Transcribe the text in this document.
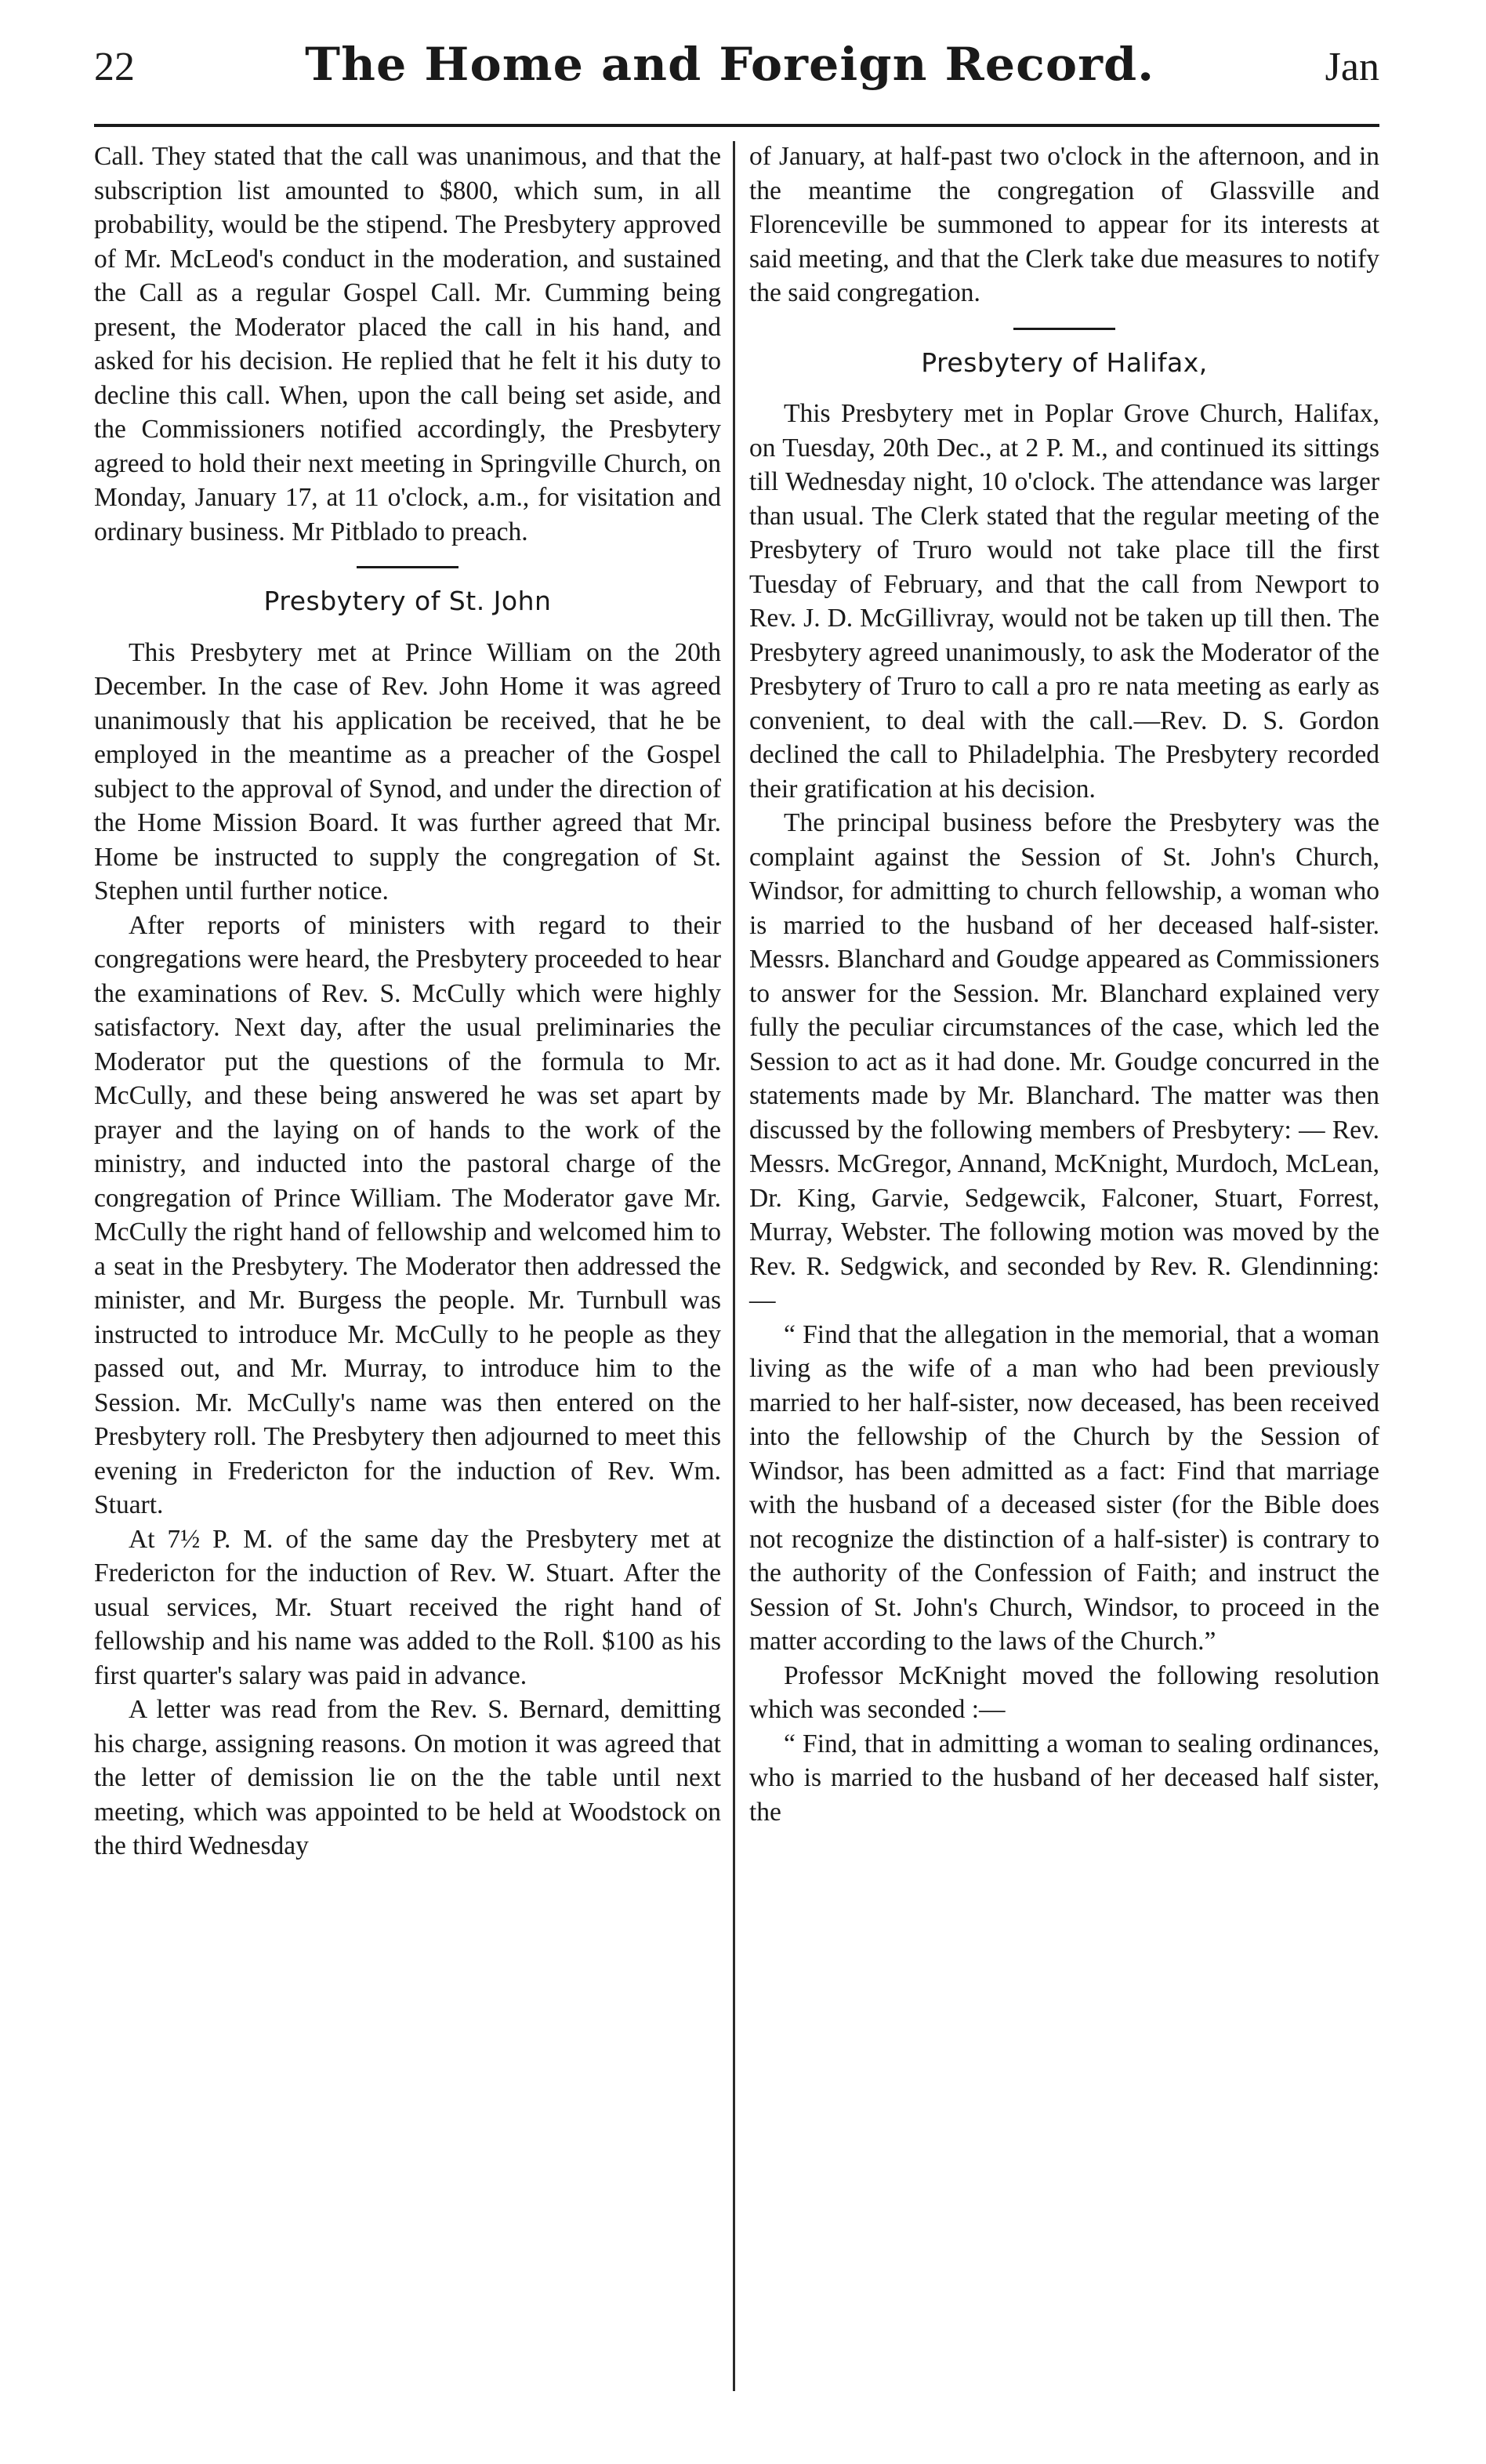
22	The Home and Foreign Record.	Jan

Call. They stated that the call was unanimous, and that the subscription list amounted to $800, which sum, in all probability, would be the stipend. The Presbytery approved of Mr. McLeod's conduct in the moderation, and sustained the Call as a regular Gospel Call. Mr. Cumming being present, the Moderator placed the call in his hand, and asked for his decision. He replied that he felt it his duty to decline this call. When, upon the call being set aside, and the Commissioners notified accordingly, the Presbytery agreed to hold their next meeting in Springville Church, on Monday, January 17, at 11 o'clock, a.m., for visitation and ordinary business. Mr Pitblado to preach.

Presbytery of St. John

This Presbytery met at Prince William on the 20th December. In the case of Rev. John Home it was agreed unanimously that his application be received, that he be employed in the meantime as a preacher of the Gospel subject to the approval of Synod, and under the direction of the Home Mission Board. It was further agreed that Mr. Home be instructed to supply the congregation of St. Stephen until further notice.

After reports of ministers with regard to their congregations were heard, the Presbytery proceeded to hear the examinations of Rev. S. McCully which were highly satisfactory. Next day, after the usual preliminaries the Moderator put the questions of the formula to Mr. McCully, and these being answered he was set apart by prayer and the laying on of hands to the work of the ministry, and inducted into the pastoral charge of the congregation of Prince William. The Moderator gave Mr. McCully the right hand of fellowship and welcomed him to a seat in the Presbytery. The Moderator then addressed the minister, and Mr. Burgess the people. Mr. Turnbull was instructed to introduce Mr. McCully to he people as they passed out, and Mr. Murray, to introduce him to the Session. Mr. McCully's name was then entered on the Presbytery roll. The Presbytery then adjourned to meet this evening in Fredericton for the induction of Rev. Wm. Stuart.

At 7½ P. M. of the same day the Presbytery met at Fredericton for the induction of Rev. W. Stuart. After the usual services, Mr. Stuart received the right hand of fellowship and his name was added to the Roll. $100 as his first quarter's salary was paid in advance.

A letter was read from the Rev. S. Bernard, demitting his charge, assigning reasons. On motion it was agreed that the letter of demission lie on the the table until next meeting, which was appointed to be held at Woodstock on the third Wednesday

of January, at half-past two o'clock in the afternoon, and in the meantime the congregation of Glassville and Florenceville be summoned to appear for its interests at said meeting, and that the Clerk take due measures to notify the said congregation.

Presbytery of Halifax,

This Presbytery met in Poplar Grove Church, Halifax, on Tuesday, 20th Dec., at 2 P. M., and continued its sittings till Wednesday night, 10 o'clock. The attendance was larger than usual. The Clerk stated that the regular meeting of the Presbytery of Truro would not take place till the first Tuesday of February, and that the call from Newport to Rev. J. D. McGillivray, would not be taken up till then. The Presbytery agreed unanimously, to ask the Moderator of the Presbytery of Truro to call a pro re nata meeting as early as convenient, to deal with the call.—Rev. D. S. Gordon declined the call to Philadelphia. The Presbytery recorded their gratification at his decision.

The principal business before the Presbytery was the complaint against the Session of St. John's Church, Windsor, for admitting to church fellowship, a woman who is married to the husband of her deceased half-sister. Messrs. Blanchard and Goudge appeared as Commissioners to answer for the Session. Mr. Blanchard explained very fully the peculiar circumstances of the case, which led the Session to act as it had done. Mr. Goudge concurred in the statements made by Mr. Blanchard. The matter was then discussed by the following members of Presbytery: — Rev. Messrs. McGregor, Annand, McKnight, Murdoch, McLean, Dr. King, Garvie, Sedgewcik, Falconer, Stuart, Forrest, Murray, Webster. The following motion was moved by the Rev. R. Sedgwick, and seconded by Rev. R. Glendinning:—

“ Find that the allegation in the memorial, that a woman living as the wife of a man who had been previously married to her half-sister, now deceased, has been received into the fellowship of the Church by the Session of Windsor, has been admitted as a fact: Find that marriage with the husband of a deceased sister (for the Bible does not recognize the distinction of a half-sister) is contrary to the authority of the Confession of Faith; and instruct the Session of St. John's Church, Windsor, to proceed in the matter according to the laws of the Church.”

Professor McKnight moved the following resolution which was seconded :—

“ Find, that in admitting a woman to sealing ordinances, who is married to the husband of her deceased half sister, the
